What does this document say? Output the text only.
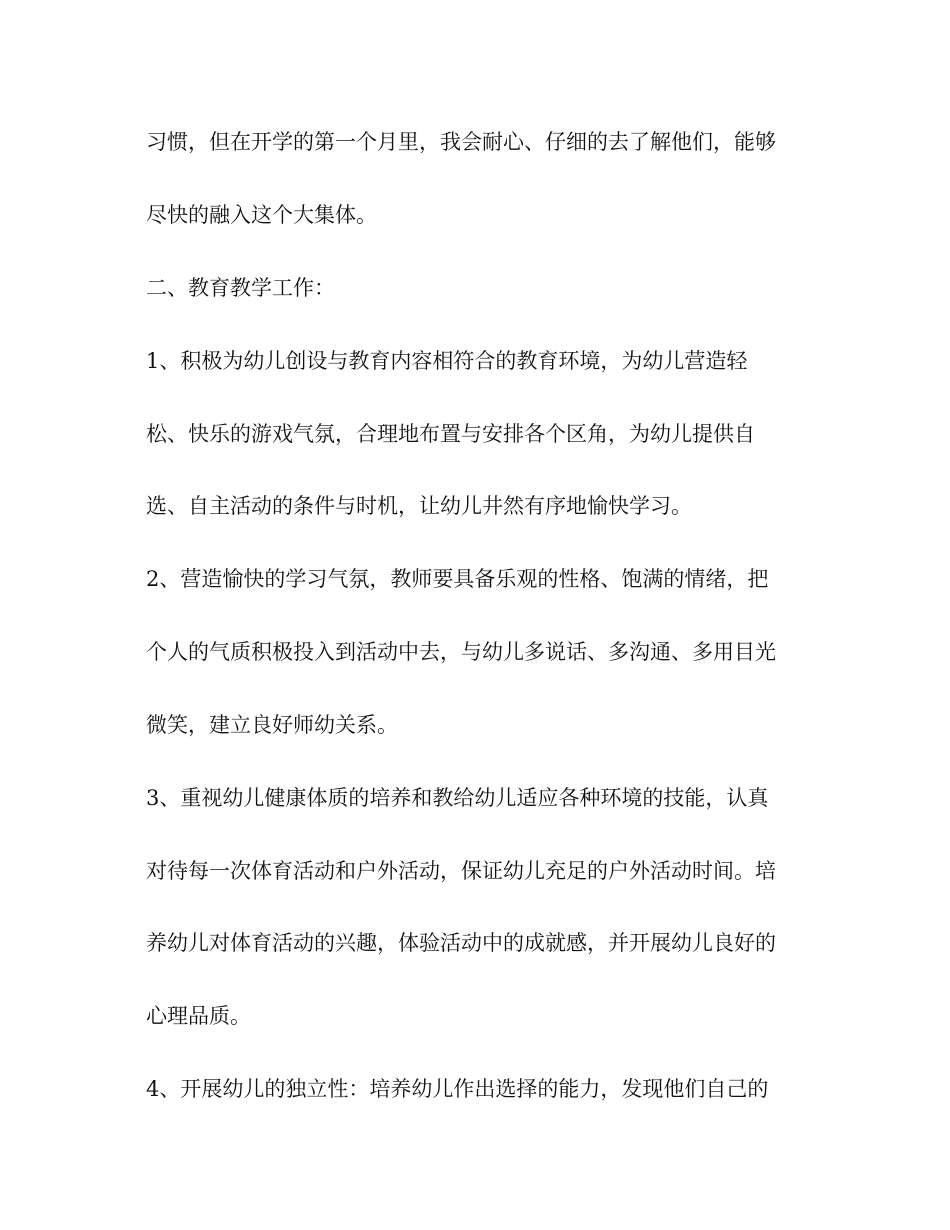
习惯，但在开学的第一个月里，我会耐心、仔细的去了解他们，能够

尽快的融入这个大集体。

二、教育教学工作：

1、积极为幼儿创设与教育内容相符合的教育环境，为幼儿营造轻

松、快乐的游戏气氛，合理地布置与安排各个区角，为幼儿提供自

选、自主活动的条件与时机，让幼儿井然有序地愉快学习。

2、营造愉快的学习气氛，教师要具备乐观的性格、饱满的情绪，把

个人的气质积极投入到活动中去，与幼儿多说话、多沟通、多用目光

微笑，建立良好师幼关系。

3、重视幼儿健康体质的培养和教给幼儿适应各种环境的技能，认真

对待每一次体育活动和户外活动，保证幼儿充足的户外活动时间。培

养幼儿对体育活动的兴趣，体验活动中的成就感，并开展幼儿良好的

心理品质。

4、开展幼儿的独立性：培养幼儿作出选择的能力，发现他们自己的
